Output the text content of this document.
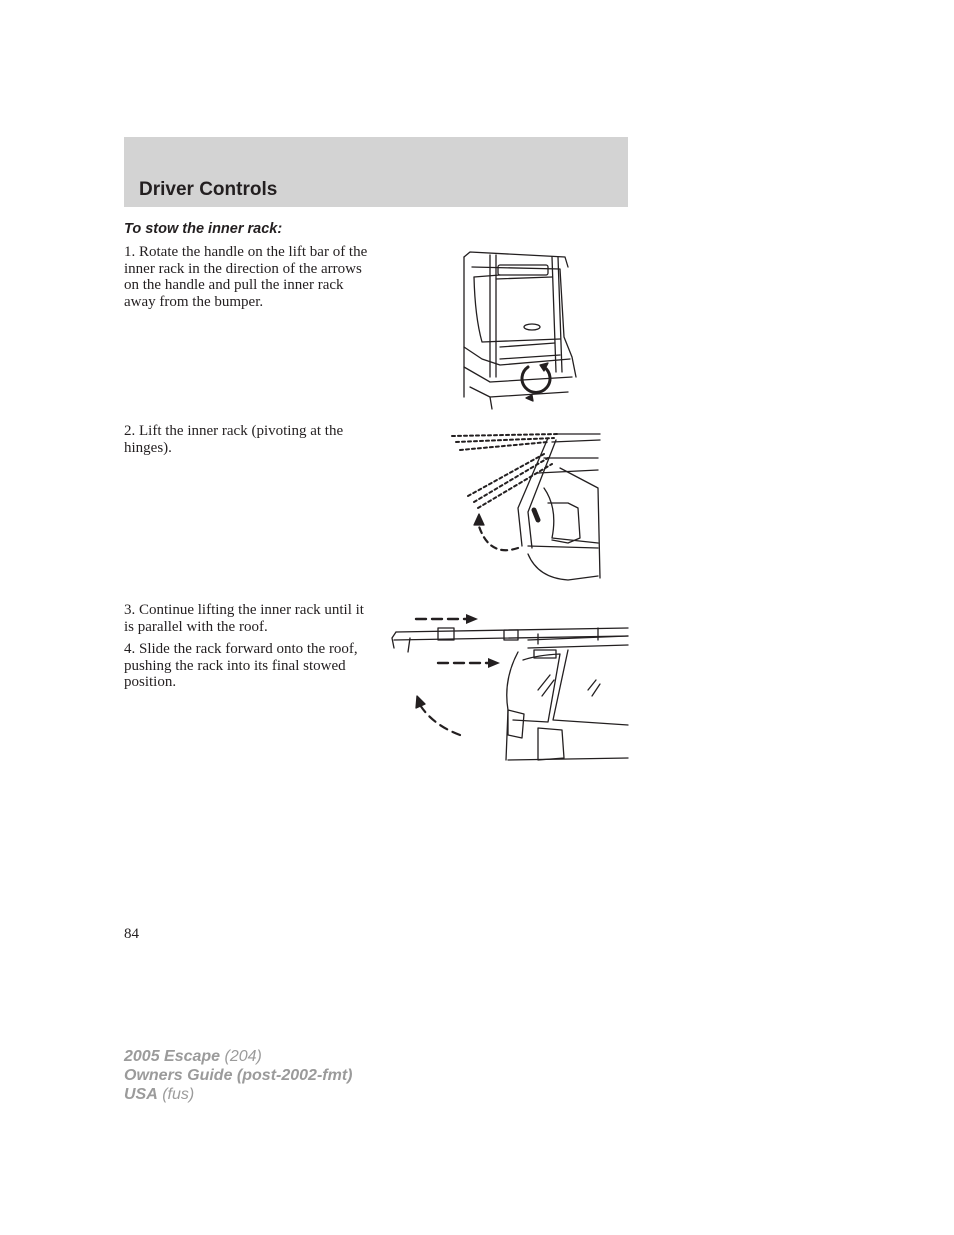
Driver Controls
To stow the inner rack:

1. Rotate the handle on the lift bar of the inner rack in the direction of the arrows on the handle and pull the inner rack away from the bumper.

2. Lift the inner rack (pivoting at the hinges).

3. Continue lifting the inner rack until it is parallel with the roof.

4. Slide the rack forward onto the roof, pushing the rack into its final stowed position.

84
2005 Escape (204)
Owners Guide (post-2002-fmt)
USA (fus)
